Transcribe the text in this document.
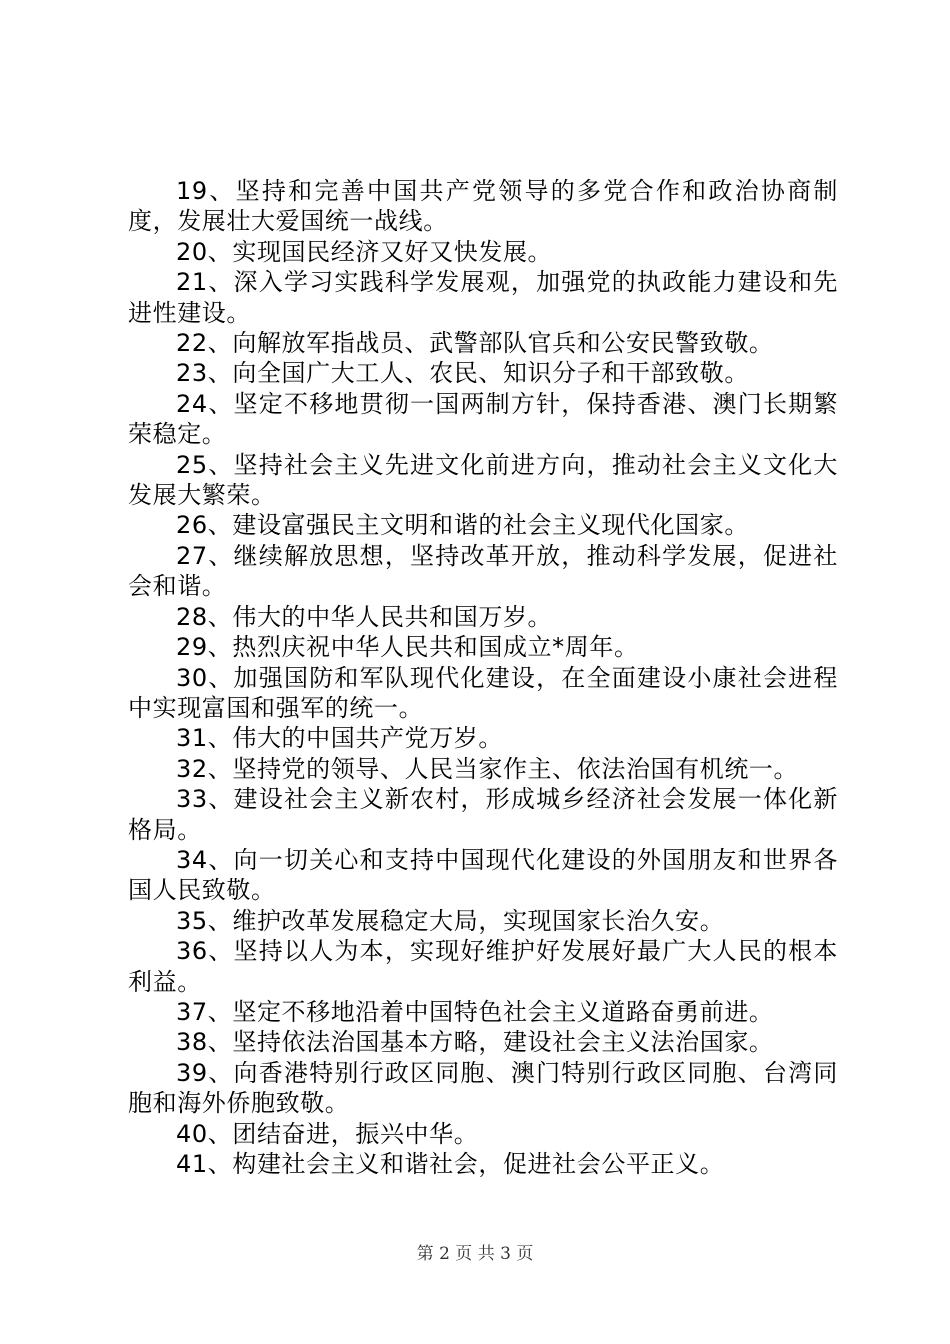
19、坚持和完善中国共产党领导的多党合作和政治协商制度，发展壮大爱国统一战线。

20、实现国民经济又好又快发展。

21、深入学习实践科学发展观，加强党的执政能力建设和先进性建设。

22、向解放军指战员、武警部队官兵和公安民警致敬。

23、向全国广大工人、农民、知识分子和干部致敬。

24、坚定不移地贯彻一国两制方针，保持香港、澳门长期繁荣稳定。

25、坚持社会主义先进文化前进方向，推动社会主义文化大发展大繁荣。

26、建设富强民主文明和谐的社会主义现代化国家。

27、继续解放思想，坚持改革开放，推动科学发展，促进社会和谐。

28、伟大的中华人民共和国万岁。

29、热烈庆祝中华人民共和国成立*周年。

30、加强国防和军队现代化建设，在全面建设小康社会进程中实现富国和强军的统一。

31、伟大的中国共产党万岁。

32、坚持党的领导、人民当家作主、依法治国有机统一。

33、建设社会主义新农村，形成城乡经济社会发展一体化新格局。

34、向一切关心和支持中国现代化建设的外国朋友和世界各国人民致敬。

35、维护改革发展稳定大局，实现国家长治久安。

36、坚持以人为本，实现好维护好发展好最广大人民的根本利益。

37、坚定不移地沿着中国特色社会主义道路奋勇前进。

38、坚持依法治国基本方略，建设社会主义法治国家。

39、向香港特别行政区同胞、澳门特别行政区同胞、台湾同胞和海外侨胞致敬。

40、团结奋进，振兴中华。

41、构建社会主义和谐社会，促进社会公平正义。

第 2 页 共 3 页
